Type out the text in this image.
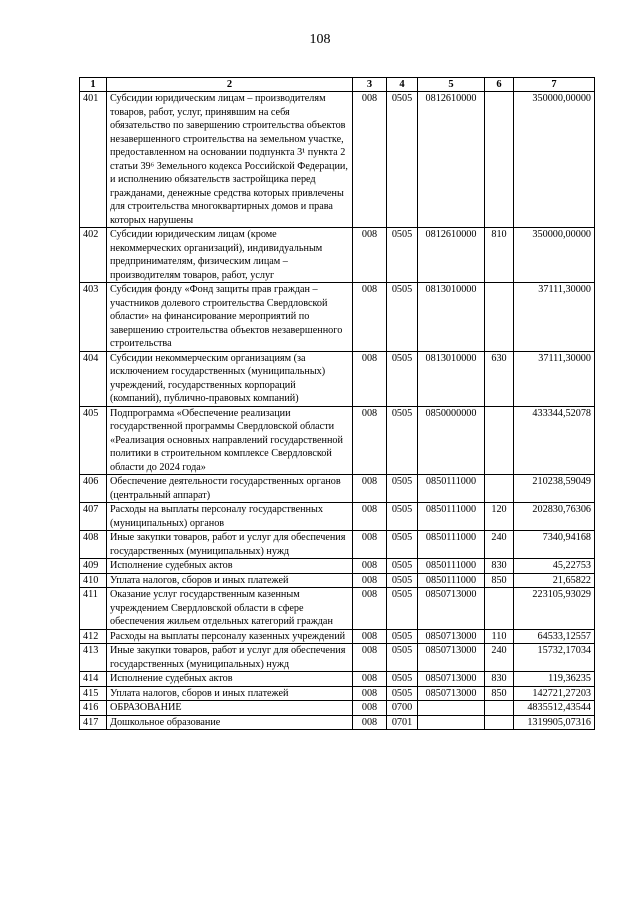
108
1	2	3	4	5	6	7
401	Субсидии юридическим лицам – производителям товаров, работ, услуг, принявшим на себя обязательство по завершению строительства объектов незавершенного строительства на земельном участке, предоставленном на основании подпункта 3¹ пункта 2 статьи 39⁶ Земельного кодекса Российской Федерации, и исполнению обязательств застройщика перед гражданами, денежные средства которых привлечены для строительства многоквартирных домов и права которых нарушены	008	0505	0812610000		350000,00000
402	Субсидии юридическим лицам (кроме некоммерческих организаций), индивидуальным предпринимателям, физическим лицам – производителям товаров, работ, услуг	008	0505	0812610000	810	350000,00000
403	Субсидия фонду «Фонд защиты прав граждан – участников долевого строительства Свердловской области» на финансирование мероприятий по завершению строительства объектов незавершенного строительства	008	0505	0813010000		37111,30000
404	Субсидии некоммерческим организациям (за исключением государственных (муниципальных) учреждений, государственных корпораций (компаний), публично-правовых компаний)	008	0505	0813010000	630	37111,30000
405	Подпрограмма «Обеспечение реализации государственной программы Свердловской области «Реализация основных направлений государственной политики в строительном комплексе Свердловской области до 2024 года»	008	0505	0850000000		433344,52078
406	Обеспечение деятельности государственных органов (центральный аппарат)	008	0505	0850111000		210238,59049
407	Расходы на выплаты персоналу государственных (муниципальных) органов	008	0505	0850111000	120	202830,76306
408	Иные закупки товаров, работ и услуг для обеспечения государственных (муниципальных) нужд	008	0505	0850111000	240	7340,94168
409	Исполнение судебных актов	008	0505	0850111000	830	45,22753
410	Уплата налогов, сборов и иных платежей	008	0505	0850111000	850	21,65822
411	Оказание услуг государственным казенным учреждением Свердловской области в сфере обеспечения жильем отдельных категорий граждан	008	0505	0850713000		223105,93029
412	Расходы на выплаты персоналу казенных учреждений	008	0505	0850713000	110	64533,12557
413	Иные закупки товаров, работ и услуг для обеспечения государственных (муниципальных) нужд	008	0505	0850713000	240	15732,17034
414	Исполнение судебных актов	008	0505	0850713000	830	119,36235
415	Уплата налогов, сборов и иных платежей	008	0505	0850713000	850	142721,27203
416	ОБРАЗОВАНИЕ	008	0700			4835512,43544
417	Дошкольное образование	008	0701			1319905,07316
